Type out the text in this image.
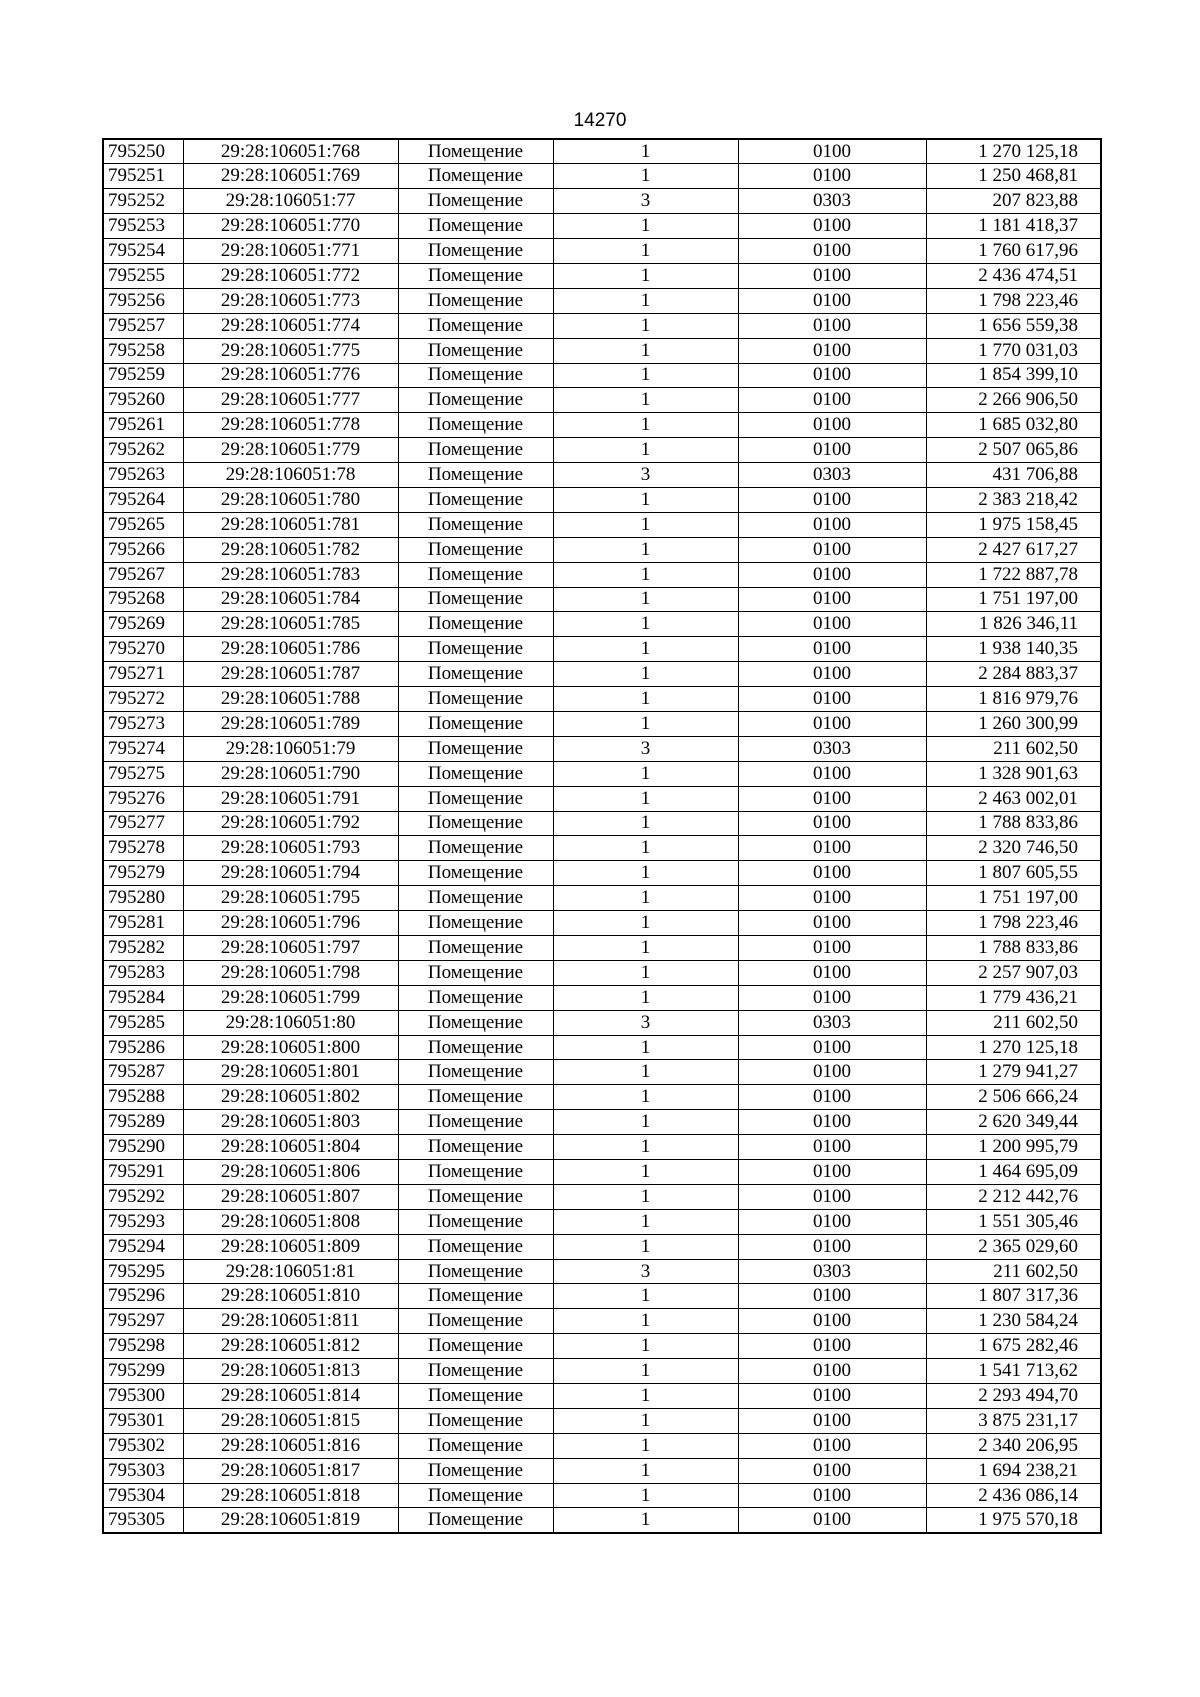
14270
795250	29:28:106051:768	Помещение	1	0100	1 270 125,18
795251	29:28:106051:769	Помещение	1	0100	1 250 468,81
795252	29:28:106051:77	Помещение	3	0303	207 823,88
795253	29:28:106051:770	Помещение	1	0100	1 181 418,37
795254	29:28:106051:771	Помещение	1	0100	1 760 617,96
795255	29:28:106051:772	Помещение	1	0100	2 436 474,51
795256	29:28:106051:773	Помещение	1	0100	1 798 223,46
795257	29:28:106051:774	Помещение	1	0100	1 656 559,38
795258	29:28:106051:775	Помещение	1	0100	1 770 031,03
795259	29:28:106051:776	Помещение	1	0100	1 854 399,10
795260	29:28:106051:777	Помещение	1	0100	2 266 906,50
795261	29:28:106051:778	Помещение	1	0100	1 685 032,80
795262	29:28:106051:779	Помещение	1	0100	2 507 065,86
795263	29:28:106051:78	Помещение	3	0303	431 706,88
795264	29:28:106051:780	Помещение	1	0100	2 383 218,42
795265	29:28:106051:781	Помещение	1	0100	1 975 158,45
795266	29:28:106051:782	Помещение	1	0100	2 427 617,27
795267	29:28:106051:783	Помещение	1	0100	1 722 887,78
795268	29:28:106051:784	Помещение	1	0100	1 751 197,00
795269	29:28:106051:785	Помещение	1	0100	1 826 346,11
795270	29:28:106051:786	Помещение	1	0100	1 938 140,35
795271	29:28:106051:787	Помещение	1	0100	2 284 883,37
795272	29:28:106051:788	Помещение	1	0100	1 816 979,76
795273	29:28:106051:789	Помещение	1	0100	1 260 300,99
795274	29:28:106051:79	Помещение	3	0303	211 602,50
795275	29:28:106051:790	Помещение	1	0100	1 328 901,63
795276	29:28:106051:791	Помещение	1	0100	2 463 002,01
795277	29:28:106051:792	Помещение	1	0100	1 788 833,86
795278	29:28:106051:793	Помещение	1	0100	2 320 746,50
795279	29:28:106051:794	Помещение	1	0100	1 807 605,55
795280	29:28:106051:795	Помещение	1	0100	1 751 197,00
795281	29:28:106051:796	Помещение	1	0100	1 798 223,46
795282	29:28:106051:797	Помещение	1	0100	1 788 833,86
795283	29:28:106051:798	Помещение	1	0100	2 257 907,03
795284	29:28:106051:799	Помещение	1	0100	1 779 436,21
795285	29:28:106051:80	Помещение	3	0303	211 602,50
795286	29:28:106051:800	Помещение	1	0100	1 270 125,18
795287	29:28:106051:801	Помещение	1	0100	1 279 941,27
795288	29:28:106051:802	Помещение	1	0100	2 506 666,24
795289	29:28:106051:803	Помещение	1	0100	2 620 349,44
795290	29:28:106051:804	Помещение	1	0100	1 200 995,79
795291	29:28:106051:806	Помещение	1	0100	1 464 695,09
795292	29:28:106051:807	Помещение	1	0100	2 212 442,76
795293	29:28:106051:808	Помещение	1	0100	1 551 305,46
795294	29:28:106051:809	Помещение	1	0100	2 365 029,60
795295	29:28:106051:81	Помещение	3	0303	211 602,50
795296	29:28:106051:810	Помещение	1	0100	1 807 317,36
795297	29:28:106051:811	Помещение	1	0100	1 230 584,24
795298	29:28:106051:812	Помещение	1	0100	1 675 282,46
795299	29:28:106051:813	Помещение	1	0100	1 541 713,62
795300	29:28:106051:814	Помещение	1	0100	2 293 494,70
795301	29:28:106051:815	Помещение	1	0100	3 875 231,17
795302	29:28:106051:816	Помещение	1	0100	2 340 206,95
795303	29:28:106051:817	Помещение	1	0100	1 694 238,21
795304	29:28:106051:818	Помещение	1	0100	2 436 086,14
795305	29:28:106051:819	Помещение	1	0100	1 975 570,18
